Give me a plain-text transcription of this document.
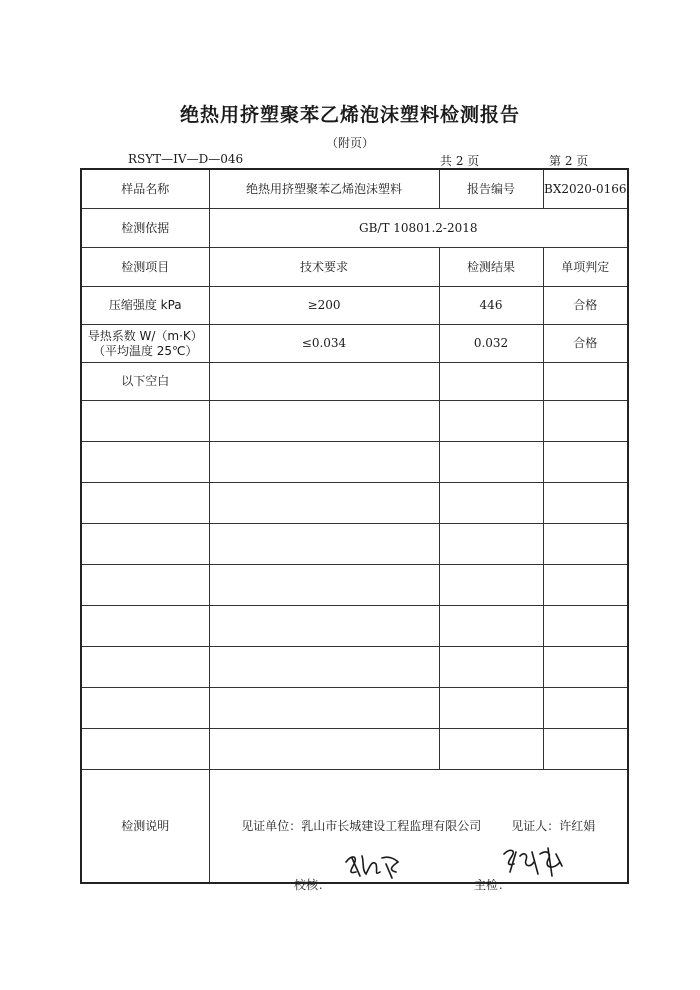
绝热用挤塑聚苯乙烯泡沫塑料检测报告
（附页）
RSYT—IV—D—046	共 2 页	第 2 页
样品名称	绝热用挤塑聚苯乙烯泡沫塑料	报告编号	BX2020-0166
检测依据	GB/T 10801.2-2018		
检测项目	技术要求	检测结果	单项判定
压缩强度 kPa	≥200	446	合格

导热系数 W/（m·K）
（平均温度 25℃）	≤0.034	0.032	合格
以下空白			

检测说明	见证单位：乳山市长城建设工程监理有限公司 见证人：许红娟		
校核：	主检：
